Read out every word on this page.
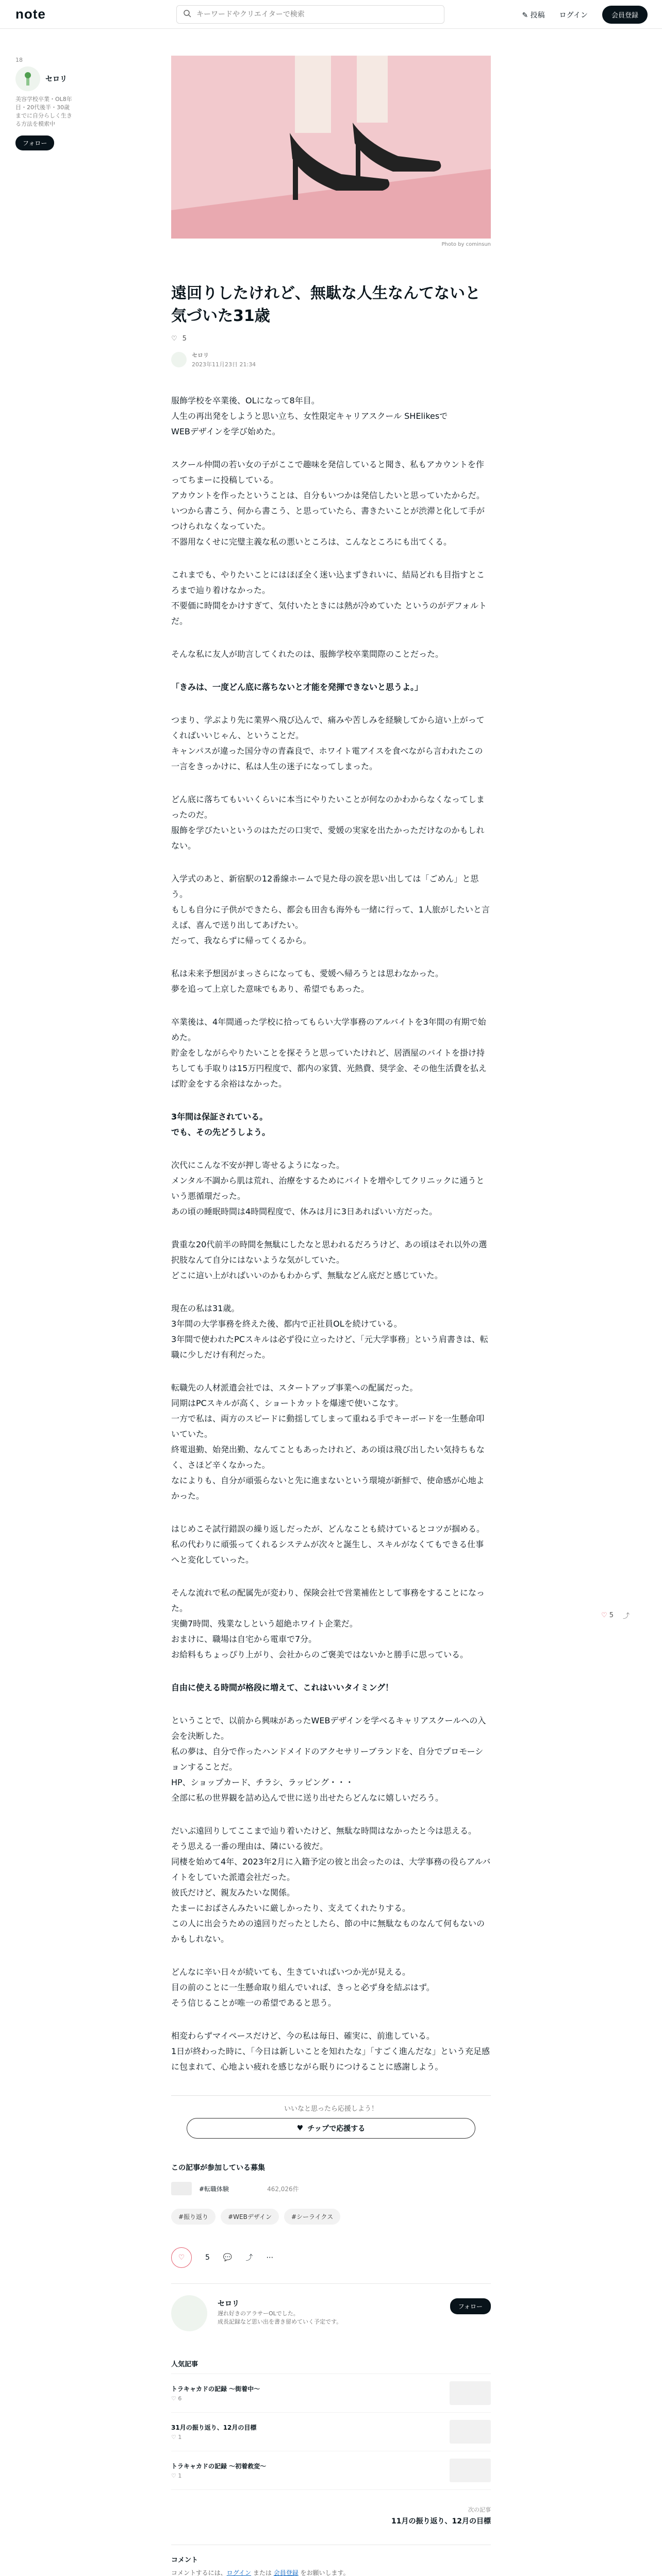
note
キーワードやクリエイターで検索	✎ 投稿 ログイン	会員登録
18
セロリ
美容学校卒業・OL8年目・20代後半・30歳までに自分らしく生きる方法を模索中
フォロー
Photo by cominsun
遠回りしたけれど、無駄な人生なんてないと気づいた31歳
♡ 5
セロリ
2023年11月23日 21:34

服飾学校を卒業後、OLになって8年目。
人生の再出発をしようと思い立ち、女性限定キャリアスクール SHElikesで
WEBデザインを学び始めた。

スクール仲間の若い女の子がここで趣味を発信していると聞き、私もアカウントを作ってちまーに投稿している。
アカウントを作ったということは、自分もいつかは発信したいと思っていたからだ。
いつから書こう、何から書こう、と思っていたら、書きたいことが渋滞と化して手がつけられなくなっていた。
不器用なくせに完璧主義な私の悪いところは、こんなところにも出てくる。

これまでも、やりたいことにはほぼ全く迷い込まずきれいに、結局どれも目指すところまで辿り着けなかった。
不要価に時間をかけすぎて、気付いたときには熱が冷めていた というのがデフォルトだ。

そんな私に友人が助言してくれたのは、服飾学校卒業間際のことだった。

「きみは、一度どん底に落ちないと才能を発揮できないと思うよ。」

つまり、学ぶより先に業界へ飛び込んで、痛みや苦しみを経験してから這い上がってくればいいじゃん、ということだ。
キャンパスが違った国分寺の青森良で、ホワイト電アイスを食べながら言われたこの一言をきっかけに、私は人生の迷子になってしまった。

どん底に落ちてもいいくらいに本当にやりたいことが何なのかわからなくなってしまったのだ。
服飾を学びたいというのはただの口実で、愛媛の実家を出たかっただけなのかもしれない。

入学式のあと、新宿駅の12番線ホームで見た母の涙を思い出しては「ごめん」と思う。
もしも自分に子供ができたら、都会も田舎も海外も一緒に行って、1人旅がしたいと言えば、喜んで送り出してあげたい。
だって、我ならずに帰ってくるから。

私は未来予想図がまっさらになっても、愛媛へ帰ろうとは思わなかった。
夢を追って上京した意味でもあり、希望でもあった。

卒業後は、4年間通った学校に拾ってもらい大学事務のアルバイトを3年間の有期で始めた。
貯金をしながらやりたいことを探そうと思っていたけれど、居酒屋のバイトを掛け持ちしても手取りは15万円程度で、都内の家賃、光熱費、奨学金、その他生活費を払えば貯金をする余裕はなかった。

3年間は保証されている。
でも、その先どうしよう。

次代にこんな不安が押し寄せるようになった。
メンタル不調から肌は荒れ、治療をするためにバイトを増やしてクリニックに通うという悪循環だった。
あの頃の睡眠時間は4時間程度で、休みは月に3日あればいい方だった。

貴重な20代前半の時間を無駄にしたなと思われるだろうけど、あの頃はそれ以外の選択肢なんて自分にはないような気がしていた。
どこに這い上がればいいのかもわからず、無駄などん底だと感じていた。

現在の私は31歳。
3年間の大学事務を終えた後、都内で正社員OLを続けている。
3年間で使われたPCスキルは必ず役に立ったけど、「元大学事務」という肩書きは、転職に少しだけ有利だった。

転職先の人材派遣会社では、スタートアップ事業への配属だった。
同期はPCスキルが高く、ショートカットを爆速で使いこなす。
一方で私は、両方のスピードに動揺してしまって重ねる手でキーボードを一生懸命叩いていた。
終電退勤、始発出勤、なんてこともあったけれど、あの頃は飛び出したい気持ちもなく、さほど辛くなかった。
なによりも、自分が頑張らないと先に進まないという環境が新鮮で、使命感が心地よかった。

はじめこそ試行錯誤の繰り返しだったが、どんなことも続けているとコツが掴める。
私の代わりに頑張ってくれるシステムが次々と誕生し、スキルがなくてもできる仕事へと変化していった。

そんな流れで私の配属先が変わり、保険会社で営業補佐として事務をすることになった。
実働7時間、残業なしという超絶ホワイト企業だ。
おまけに、職場は自宅から電車で7分。
お給料もちょっぴり上がり、会社からのご褒美ではないかと勝手に思っている。

自由に使える時間が格段に増えて、これはいいタイミング！

ということで、以前から興味があったWEBデザインを学べるキャリアスクールへの入会を決断した。
私の夢は、自分で作ったハンドメイドのアクセサリーブランドを、自分でプロモーションすることだ。
HP、ショップカード、チラシ、ラッピング・・・
全部に私の世界観を詰め込んで世に送り出せたらどんなに嬉しいだろう。

だいぶ遠回りしてここまで辿り着いたけど、無駄な時間はなかったと今は思える。
そう思える一番の理由は、隣にいる彼だ。
同棲を始めて4年、2023年2月に入籍予定の彼と出会ったのは、大学事務の役らアルバイトをしていた派遣会社だった。
彼氏だけど、親友みたいな関係。
たまーにおばさんみたいに厳しかったり、支えてくれたりする。
この人に出会うための遠回りだったとしたら、節の中に無駄なものなんて何もないのかもしれない。

どんなに辛い日々が続いても、生きていればいつか光が見える。
目の前のことに一生懸命取り組んでいれば、きっと必ず身を結ぶはず。
そう信じることが唯一の希望であると思う。

相変わらずマイペースだけど、今の私は毎日、確実に、前進している。
1日が終わった時に、「今日は新しいことを知れたな」「すごく進んだな」という充足感に包まれて、心地よい疲れを感じながら眠りにつけることに感謝しよう。

いいなと思ったら応援しよう！
♥ チップで応援する
この記事が参加している募集
#転職体験	462,026件
#振り返り	#WEBデザイン	#シーライクス
♡	5 💬 ⤴ ⋯
セロリ
遅れ好きのアラサーOLでした。
成長記録など思い出を書き留めていく予定です。
フォロー
人気記事
トラキャカドの記録 〜街着中〜
♡ 6
31月の振り返り、12月の目標
♡ 1
トラキャカドの記録 〜初着救変〜
♡ 1
次の記事
11月の振り返り、12月の目標
コメント
コメントするには、ログイン または 会員登録 をお願いします。
♡ 5 ⤴
